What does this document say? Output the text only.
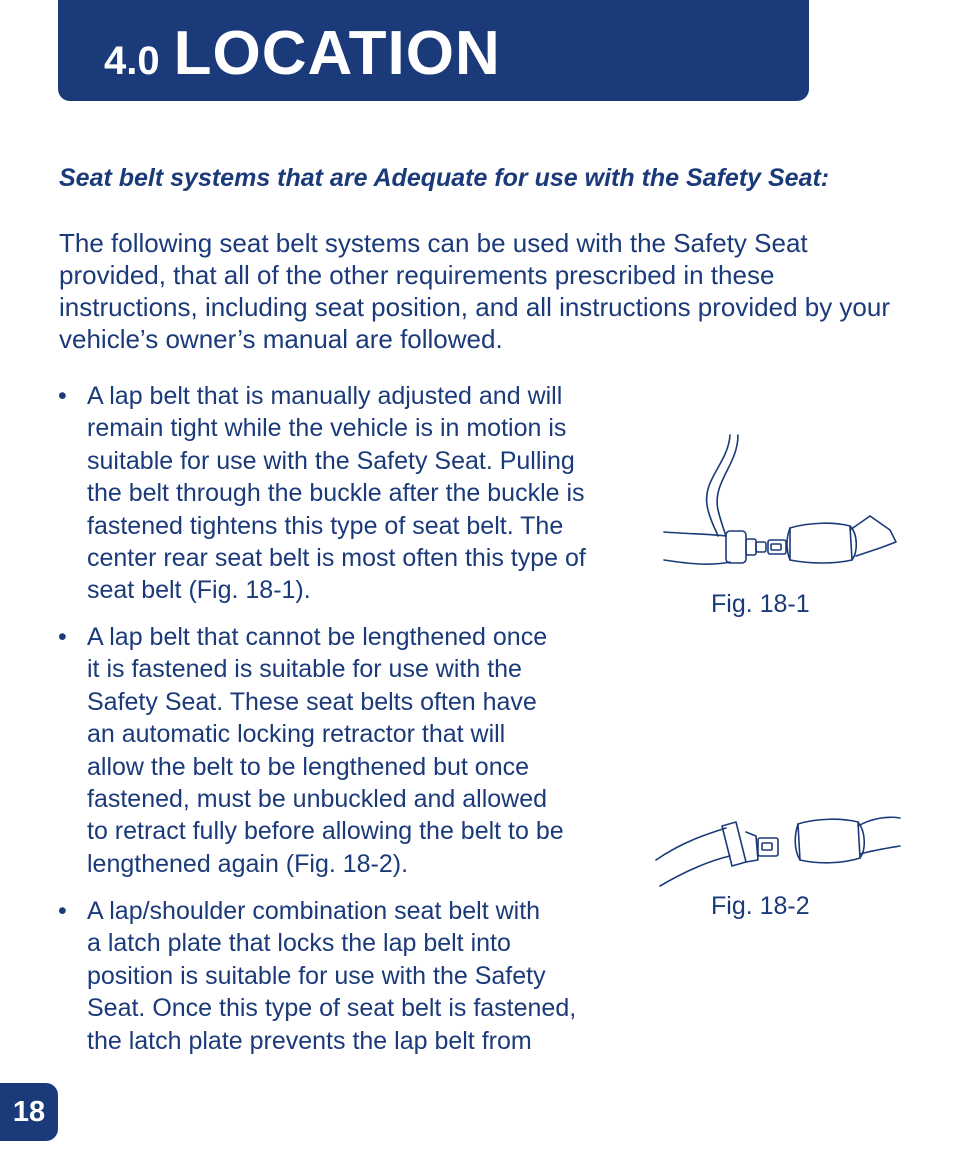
4.0 LOCATION
Seat belt systems that are Adequate for use with the Safety Seat:
The following seat belt systems can be used with the Safety Seat provided, that all of the other requirements prescribed in these instructions, including seat position, and all instructions provided by your vehicle’s owner’s manual are followed.
• A lap belt that is manually adjusted and will
remain tight while the vehicle is in motion is
suitable for use with the Safety Seat. Pulling
the belt through the buckle after the buckle is
fastened tightens this type of seat belt. The
center rear seat belt is most often this type of
seat belt (Fig. 18-1).
• A lap belt that cannot be lengthened once
it is fastened is suitable for use with the
Safety Seat. These seat belts often have
an automatic locking retractor that will
allow the belt to be lengthened but once
fastened, must be unbuckled and allowed
to retract fully before allowing the belt to be
lengthened again (Fig. 18-2).
• A lap/shoulder combination seat belt with
a latch plate that locks the lap belt into
position is suitable for use with the Safety
Seat. Once this type of seat belt is fastened,
the latch plate prevents the lap belt from
Fig. 18-1
Fig. 18-2
18
